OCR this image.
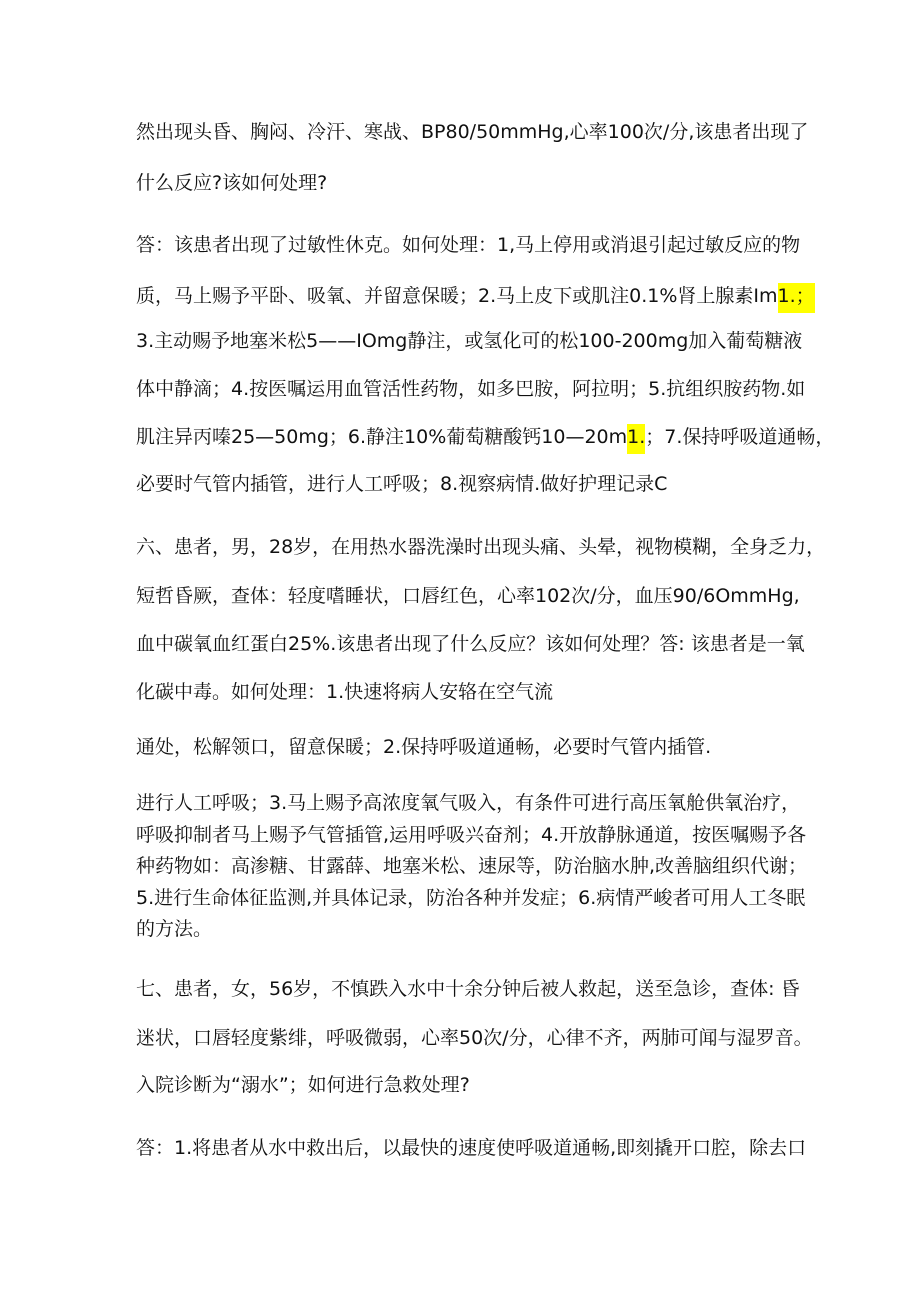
然出现头昏、胸闷、冷汗、寒战、BP80∕50mmHg,心率100次/分,该患者出现了
什么反应?该如何处理?
答：该患者出现了过敏性休克。如何处理：1,马上停用或消退引起过敏反应的物
质，马上赐予平卧、吸氧、并留意保暖；2.马上皮下或肌注0.1%肾上腺素Im1.；
3.主动赐予地塞米松5——IOmg静注，或氢化可的松100-200mg加入葡萄糖液
体中静滴；4.按医嘱运用血管活性药物，如多巴胺，阿拉明；5.抗组织胺药物.如
肌注异丙嗪25—50mg；6.静注10%葡萄糖酸钙10—20m1.；7.保持呼吸道通畅，
必要时气管内插管，进行人工呼吸；8.视察病情.做好护理记录C
六、患者，男，28岁，在用热水器洗澡时出现头痛、头晕，视物模糊，全身乏力，
短哲昏厥，查体：轻度嗜睡状，口唇红色，心率102次/分，血压90/6OmmHg,
血中碳氧血红蛋白25%.该患者出现了什么反应？该如何处理？答: 该患者是一氧
化碳中毒。如何处理：1.快速将病人安辂在空气流
通处，松解领口，留意保暖；2.保持呼吸道通畅，必要时气管内插管.
进行人工呼吸；3.马上赐予高浓度氧气吸入，有条件可进行高压氧舱供氧治疗，
呼吸抑制者马上赐予气管插管,运用呼吸兴奋剂；4.开放静脉通道，按医嘱赐予各
种药物如：高渗糖、甘露薛、地塞米松、速尿等，防治脑水肿,改善脑组织代谢；
5.进行生命体征监测,并具体记录，防治各种并发症；6.病情严峻者可用人工冬眠
的方法。
七、患者，女，56岁，不慎跌入水中十余分钟后被人救起，送至急诊，查体: 昏
迷状，口唇轻度紫绯，呼吸微弱，心率50次/分，心律不齐，两肺可闻与湿罗音。
入院诊断为“溺水”；如何进行急救处理?
答：1.将患者从水中救出后，以最快的速度使呼吸道通畅,即刻撬开口腔，除去口
